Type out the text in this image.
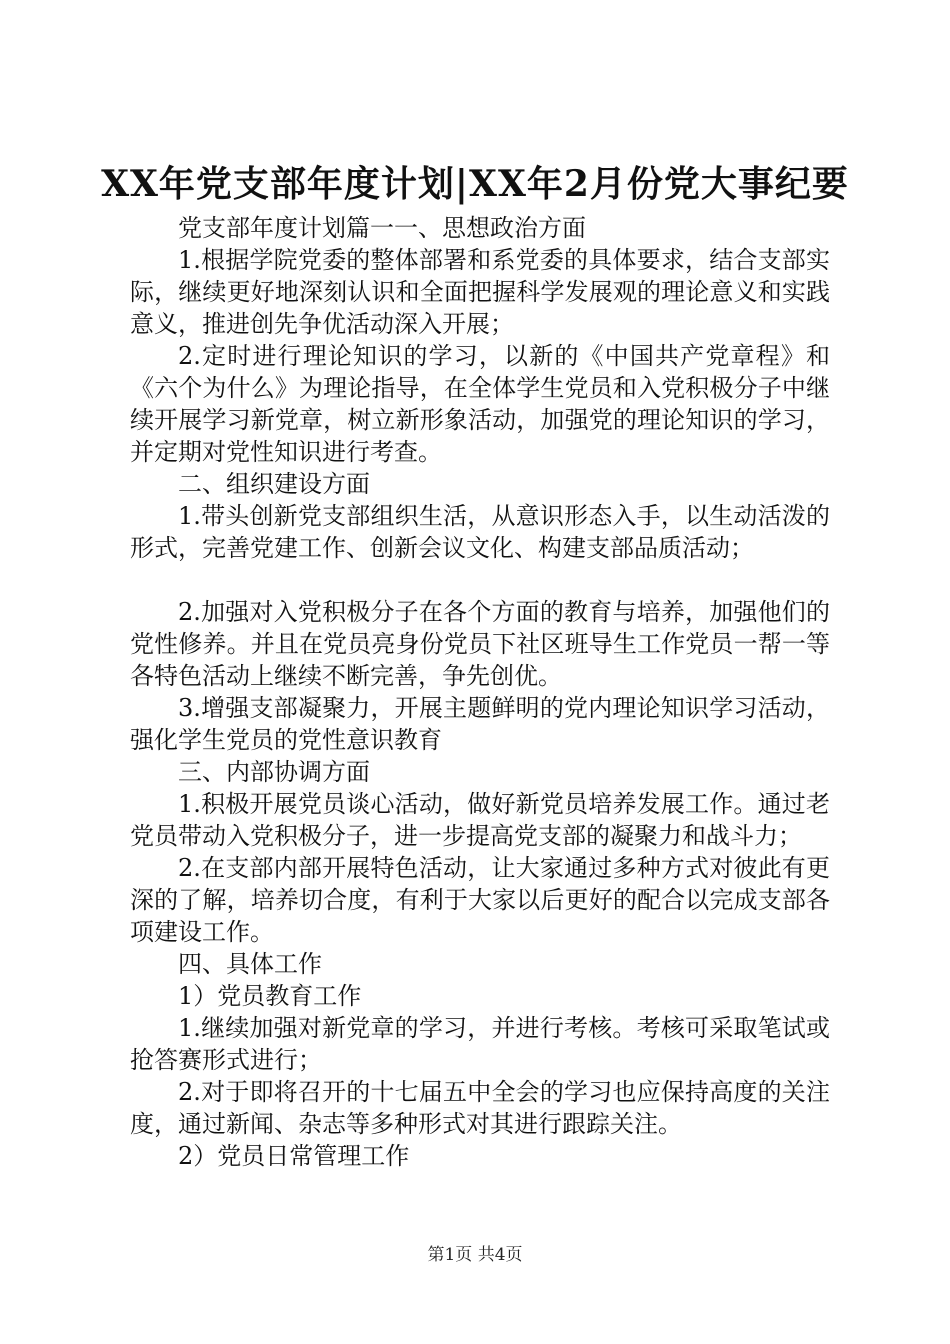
XX年党支部年度计划|XX年2月份党大事纪要

党支部年度计划篇一一、思想政治方面

1.根据学院党委的整体部署和系党委的具体要求，结合支部实际，继续更好地深刻认识和全面把握科学发展观的理论意义和实践意义，推进创先争优活动深入开展；

2.定时进行理论知识的学习，以新的《中国共产党章程》和《六个为什么》为理论指导，在全体学生党员和入党积极分子中继续开展学习新党章，树立新形象活动，加强党的理论知识的学习，并定期对党性知识进行考查。

二、组织建设方面

1.带头创新党支部组织生活，从意识形态入手，以生动活泼的形式，完善党建工作、创新会议文化、构建支部品质活动；

2.加强对入党积极分子在各个方面的教育与培养，加强他们的党性修养。并且在党员亮身份党员下社区班导生工作党员一帮一等各特色活动上继续不断完善，争先创优。

3.增强支部凝聚力，开展主题鲜明的党内理论知识学习活动，强化学生党员的党性意识教育

三、内部协调方面

1.积极开展党员谈心活动，做好新党员培养发展工作。通过老党员带动入党积极分子，进一步提高党支部的凝聚力和战斗力；

2.在支部内部开展特色活动，让大家通过多种方式对彼此有更深的了解，培养切合度，有利于大家以后更好的配合以完成支部各项建设工作。

四、具体工作

1）党员教育工作

1.继续加强对新党章的学习，并进行考核。考核可采取笔试或抢答赛形式进行；

2.对于即将召开的十七届五中全会的学习也应保持高度的关注度，通过新闻、杂志等多种形式对其进行跟踪关注。

2）党员日常管理工作

第1页 共4页
